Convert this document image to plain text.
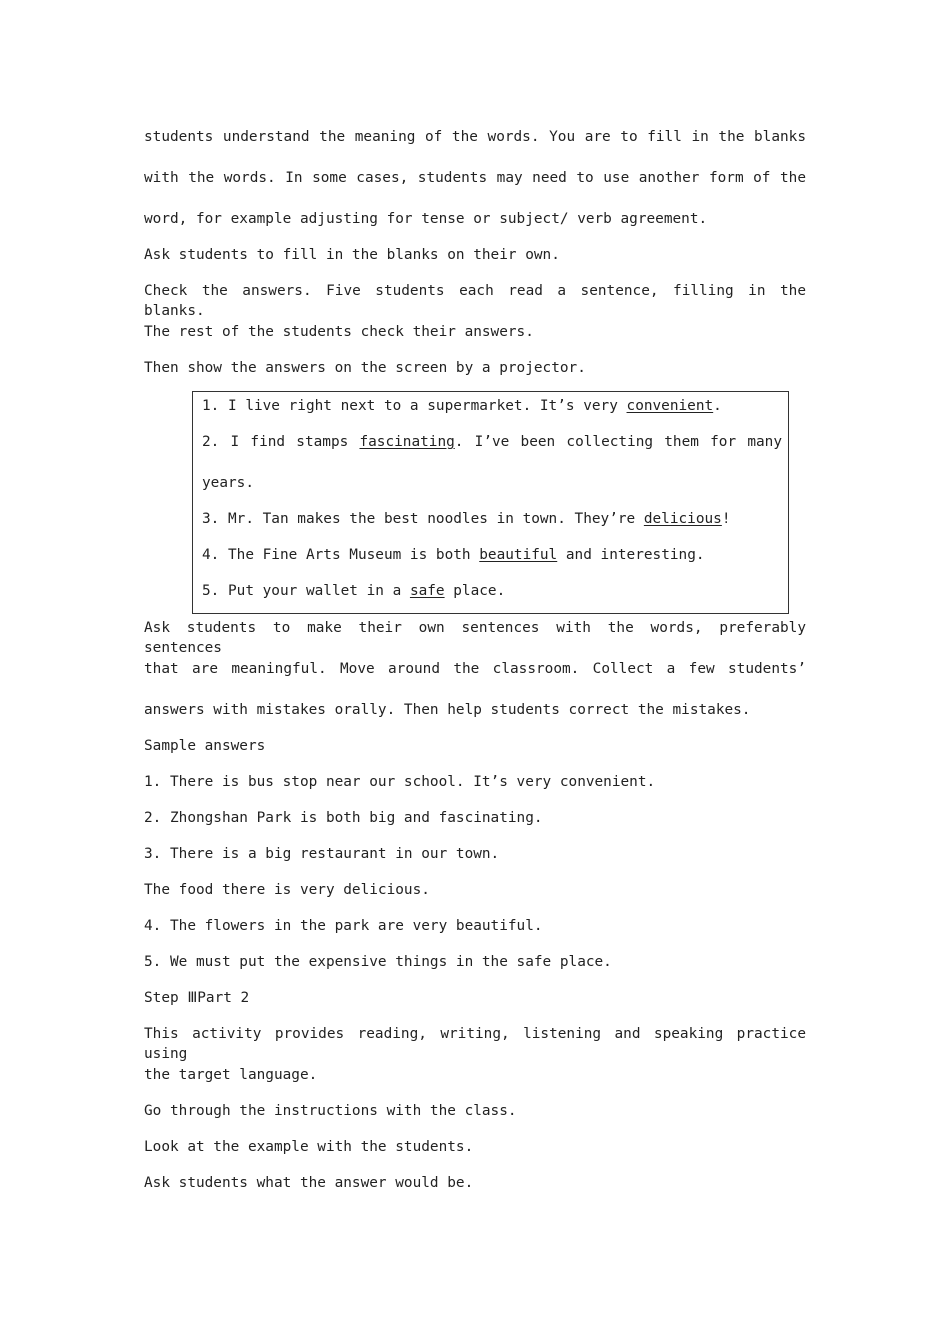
students understand the meaning of the words. You are to fill in the blanks
with the words. In some cases, students may need to use another form of the
word, for example adjusting for tense or subject/ verb agreement.
Ask students to fill in the blanks on their own.
Check the answers. Five students each read a sentence, filling in the blanks.
The rest of the students check their answers.
Then show the answers on the screen by a projector.
1. I live right next to a supermarket. It’s very convenient.
2. I find stamps fascinating. I’ve been collecting them for many
years.
3. Mr. Tan makes the best noodles in town. They’re delicious!
4. The Fine Arts Museum is both beautiful and interesting.
5. Put your wallet in a safe place.
Ask students to make their own sentences with the words, preferably sentences
that are meaningful. Move around the classroom. Collect a few students’
answers with mistakes orally. Then help students correct the mistakes.
Sample answers
1. There is bus stop near our school. It’s very convenient.
2. Zhongshan Park is both big and fascinating.
3. There is a big restaurant in our town.
The food there is very delicious.
4. The flowers in the park are very beautiful.
5. We must put the expensive things in the safe place.
Step ⅢPart 2
This activity provides reading, writing, listening and speaking practice using
the target language.
Go through the instructions with the class.
Look at the example with the students.
Ask students what the answer would be.
